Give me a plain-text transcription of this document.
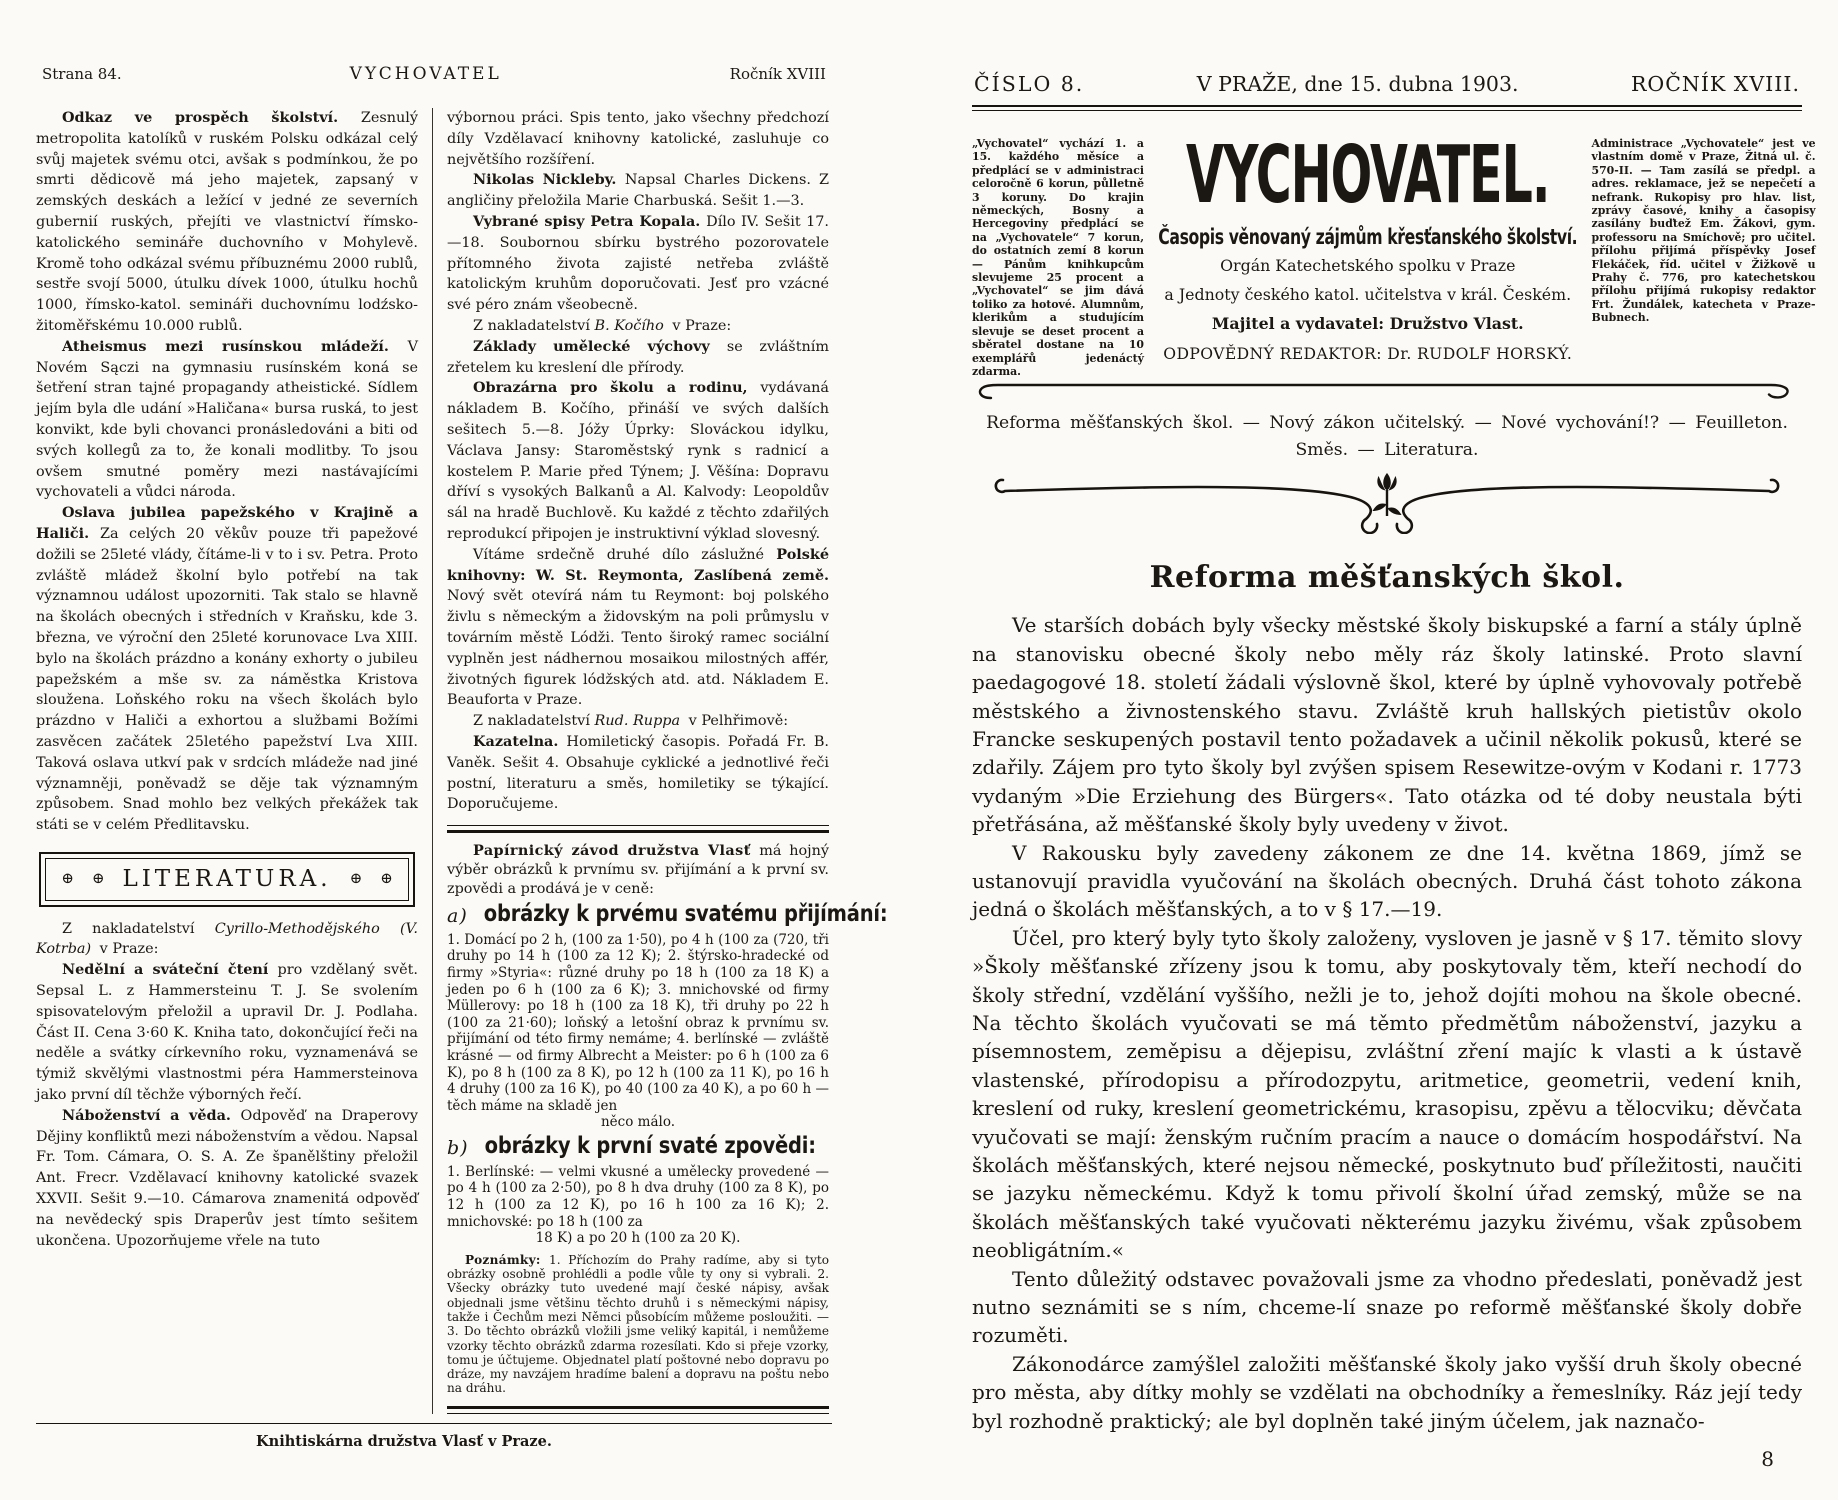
Strana 84.	VYCHOVATEL	Ročník XVIII

Odkaz ve prospěch školství. Zesnulý metropolita katolíků v ruském Polsku odkázal celý svůj majetek svému otci, avšak s podmínkou, že po smrti dědicově má jeho majetek, zapsaný v zemských deskách a ležící v jedné ze severních gubernií ruských, přejíti ve vlastnictví římsko-katolického semináře duchovního v Mohylevě. Kromě toho odkázal svému příbuznému 2000 rublů, sestře svojí 5000, útulku dívek 1000, útulku hochů 1000, římsko-katol. semináři duchovnímu lodźsko-žitoměřskému 10.000 rublů.

Atheismus mezi rusínskou mládeží. V Novém Sączi na gymnasiu rusínském koná se šetření stran tajné propagandy atheistické. Sídlem jejím byla dle udání »Haličana« bursa ruská, to jest konvikt, kde byli chovanci pronásledováni a biti od svých kollegů za to, že konali modlitby. To jsou ovšem smutné poměry mezi nastávajícími vychovateli a vůdci národa.

Oslava jubilea papežského v Krajině a Haliči. Za celých 20 věkův pouze tři papežové dožili se 25leté vlády, čítáme-li v to i sv. Petra. Proto zvláště mládež školní bylo potřebí na tak významnou událost upozorniti. Tak stalo se hlavně na školách obecných i středních v Kraňsku, kde 3. března, ve výroční den 25leté korunovace Lva XIII. bylo na školách prázdno a konány exhorty o jubileu papežském a mše sv. za náměstka Kristova sloužena. Loňského roku na všech školách bylo prázdno v Haliči a exhortou a službami Božími zasvěcen začátek 25letého papežství Lva XIII. Taková oslava utkví pak v srdcích mládeže nad jiné významněji, poněvadž se děje tak významným způsobem. Snad mohlo bez velkých překážek tak státi se v celém Předlitavsku.

⊕ ⊕ LITERATURA. ⊕ ⊕

Z nakladatelství Cyrillo-Methodějského (V. Kotrba) v Praze:

Nedělní a sváteční čtení pro vzdělaný svět. Sepsal L. z Hammersteinu T. J. Se svolením spisovatelovým přeložil a upravil Dr. J. Podlaha. Část II. Cena 3·60 K. Kniha tato, dokončující řeči na neděle a svátky církevního roku, vyznamenává se týmiž skvělými vlastnostmi péra Hammersteinova jako první díl těchže výborných řečí.

Náboženství a věda. Odpověď na Draperovy Dějiny konfliktů mezi náboženstvím a vědou. Napsal Fr. Tom. Cámara, O. S. A. Ze španělštiny přeložil Ant. Frecr. Vzdělavací knihovny katolické svazek XXVII. Sešit 9.—10. Cámarova znamenitá odpověď na nevědecký spis Draperův jest tímto sešitem ukončena. Upozorňujeme vřele na tuto

výbornou práci. Spis tento, jako všechny předchozí díly Vzdělavací knihovny katolické, zasluhuje co největšího rozšíření.

Nikolas Nickleby. Napsal Charles Dickens. Z angličiny přeložila Marie Charbuská. Sešit 1.—3.

Vybrané spisy Petra Kopala. Dílo IV. Sešit 17.—18. Soubornou sbírku bystrého pozorovatele přítomného života zajisté netřeba zvláště katolickým kruhům doporučovati. Jesť pro vzácné své péro znám všeobecně.

Z nakladatelství B. Kočího v Praze:

Základy umělecké výchovy se zvláštním zřetelem ku kreslení dle přírody.

Obrazárna pro školu a rodinu, vydávaná nákladem B. Kočího, přináší ve svých dalších sešitech 5.—8. Jóžy Úprky: Slováckou idylku, Václava Jansy: Staroměstský rynk s radnicí a kostelem P. Marie před Týnem; J. Věšína: Dopravu dříví s vysokých Balkanů a Al. Kalvody: Leopoldův sál na hradě Buchlově. Ku každé z těchto zdařilých reprodukcí připojen je instruktivní výklad slovesný.

Vítáme srdečně druhé dílo záslužné Polské knihovny: W. St. Reymonta, Zaslíbená země. Nový svět otevírá nám tu Reymont: boj polského živlu s německým a židovským na poli průmyslu v továrním městě Lódži. Tento široký ramec sociální vyplněn jest nádhernou mosaikou milostných affér, životných figurek lódžských atd. atd. Nákladem E. Beauforta v Praze.

Z nakladatelství Rud. Ruppa v Pelhřimově:

Kazatelna. Homiletický časopis. Pořadá Fr. B. Vaněk. Sešit 4. Obsahuje cyklické a jednotlivé řeči postní, literaturu a směs, homiletiky se týkající. Doporučujeme.

Papírnický závod družstva Vlasť má hojný výběr obrázků k prvnímu sv. přijímání a k první sv. zpovědi a prodává je v ceně:

a) obrázky k prvému svatému přijímání:

1. Domácí po 2 h, (100 za 1·50), po 4 h (100 za (720, tři druhy po 14 h (100 za 12 K); 2. štýrsko-hradecké od firmy »Styria«: různé druhy po 18 h (100 za 18 K) a jeden po 6 h (100 za 6 K); 3. mnichovské od firmy Müllerovy: po 18 h (100 za 18 K), tři druhy po 22 h (100 za 21·60); loňský a letošní obraz k prvnímu sv. přijímání od této firmy nemáme; 4. berlínské — zvláště krásné — od firmy Albrecht a Meister: po 6 h (100 za 6 K), po 8 h (100 za 8 K), po 12 h (100 za 11 K), po 16 h 4 druhy (100 za 16 K), po 40 (100 za 40 K), a po 60 h — těch máme na skladě jen

něco málo.

b) obrázky k první svaté zpovědi:

1. Berlínské: — velmi vkusné a umělecky provedené — po 4 h (100 za 2·50), po 8 h dva druhy (100 za 8 K), po 12 h (100 za 12 K), po 16 h 100 za 16 K); 2. mnichovské: po 18 h (100 za

18 K) a po 20 h (100 za 20 K).

Poznámky: 1. Příchozím do Prahy radíme, aby si tyto obrázky osobně prohlédli a podle vůle ty ony si vybrali. 2. Všecky obrázky tuto uvedené mají české nápisy, avšak objednali jsme většinu těchto druhů i s německými nápisy, takže i Čechům mezi Němci působícím můžeme posloužiti. — 3. Do těchto obrázků vložili jsme veliký kapitál, i nemůžeme vzorky těchto obrázků zdarma rozesílati. Kdo si přeje vzorky, tomu je účtujeme. Objednatel platí poštovné nebo dopravu po dráze, my navzájem hradíme balení a dopravu na poštu nebo na dráhu.

Knihtiskárna družstva Vlasť v Praze.
ČÍSLO 8.	V PRAŽE, dne 15. dubna 1903.	ROČNÍK XVIII.
„Vychovatel“ vychází 1. a 15. každého měsíce a předplácí se v administraci celoročně 6 korun, půlletně 3 koruny. Do krajin německých, Bosny a Hercegoviny předplácí se na „Vychovatele“ 7 korun, do ostatních zemí 8 korun — Pánům knihkupcům slevujeme 25 procent a „Vychovatel“ se jim dává toliko za hotové. Alumnům, klerikům a studujícím slevuje se deset procent a sběratel dostane na 10 exemplářů jedenáctý zdarma.
VYCHOVATEL.
Časopis věnovaný zájmům křesťanského školství.
Orgán Katechetského spolku v Praze
a Jednoty českého katol. učitelstva v král. Českém.
Majitel a vydavatel: Družstvo Vlast.
ODPOVĚDNÝ REDAKTOR: Dr. RUDOLF HORSKÝ.
Administrace „Vychovatele“ jest ve vlastním domě v Praze, Žitná ul. č. 570-II. — Tam zasílá se předpl. a adres. reklamace, jež se nepečetí a nefrank. Rukopisy pro hlav. list, zprávy časové, knihy a časopisy zasílány buďtež Em. Žákovi, gym. professoru na Smíchově; pro učitel. přílohu přijímá příspěvky Josef Flekáček, říd. učitel v Žižkově u Prahy č. 776, pro katechetskou přílohu přijímá rukopisy redaktor Frt. Žundálek, katecheta v Praze-Bubnech.
Reforma měšťanských škol. — Nový zákon učitelský. — Nové vychování!? — Feuilleton.
Směs. — Literatura.
Reforma měšťanských škol.

Ve starších dobách byly všecky městské školy biskupské a farní a stály úplně na stanovisku obecné školy nebo měly ráz školy latinské. Proto slavní paedagogové 18. století žádali výslovně škol, které by úplně vyhovovaly potřebě městského a živnostenského stavu. Zvláště kruh hallských pietistův okolo Francke seskupených postavil tento požadavek a učinil několik pokusů, které se zdařily. Zájem pro tyto školy byl zvýšen spisem Resewitze-ovým v Kodani r. 1773 vydaným »Die Erziehung des Bürgers«. Tato otázka od té doby neustala býti přetřásána, až měšťanské školy byly uvedeny v život.

V Rakousku byly zavedeny zákonem ze dne 14. května 1869, jímž se ustanovují pravidla vyučování na školách obecných. Druhá část tohoto zákona jedná o školách měšťanských, a to v § 17.—19.

Účel, pro který byly tyto školy založeny, vysloven je jasně v § 17. těmito slovy »Školy měšťanské zřízeny jsou k tomu, aby poskytovaly těm, kteří nechodí do školy střední, vzdělání vyššího, nežli je to, jehož dojíti mohou na škole obecné. Na těchto školách vyučovati se má těmto předmětům náboženství, jazyku a písemnostem, zeměpisu a dějepisu, zvláštní zření majíc k vlasti a k ústavě vlastenské, přírodopisu a přírodozpytu, aritmetice, geometrii, vedení knih, kreslení od ruky, kreslení geometrickému, krasopisu, zpěvu a tělocviku; děvčata vyučovati se mají: ženským ručním pracím a nauce o domácím hospodářství. Na školách měšťanských, které nejsou německé, poskytnuto buď příležitosti, naučiti se jazyku německému. Když k tomu přivolí školní úřad zemský, může se na školách měšťanských také vyučovati některému jazyku živému, však způsobem neobligátním.«

Tento důležitý odstavec považovali jsme za vhodno předeslati, poněvadž jest nutno seznámiti se s ním, chceme-lí snaze po reformě měšťanské školy dobře rozuměti.

Zákonodárce zamýšlel založiti měšťanské školy jako vyšší druh školy obecné pro města, aby dítky mohly se vzdělati na obchodníky a řemeslníky. Ráz její tedy byl rozhodně praktický; ale byl doplněn také jiným účelem, jak naznačo-

8
